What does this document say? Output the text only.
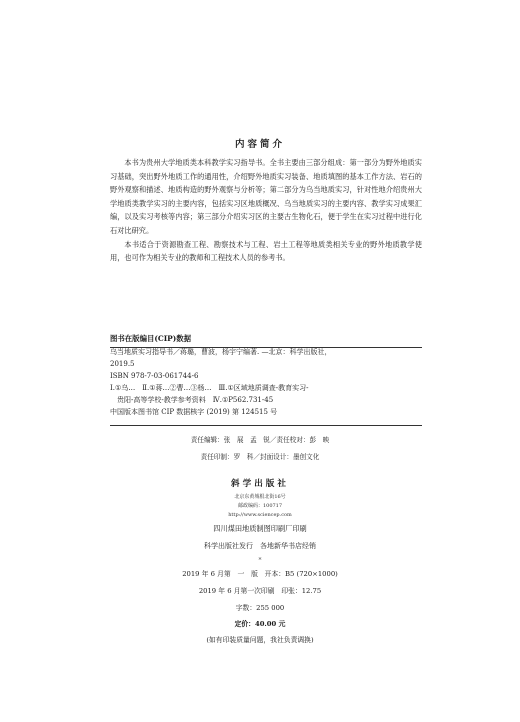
内容简介

本书为贵州大学地质类本科教学实习指导书。全书主要由三部分组成：第一部分为野外地质实习基础，突出野外地质工作的通用性，介绍野外地质实习装备、地质填图的基本工作方法、岩石的野外观察和描述、地质构造的野外观察与分析等；第二部分为乌当地质实习，针对性地介绍贵州大学地质类教学实习的主要内容，包括实习区地质概况、乌当地质实习的主要内容、教学实习成果汇编，以及实习考核等内容；第三部分介绍实习区的主要古生物化石，便于学生在实习过程中进行化石对比研究。

本书适合于资源勘查工程、勘察技术与工程、岩土工程等地质类相关专业的野外地质教学使用，也可作为相关专业的教师和工程技术人员的参考书。

图书在版编目(CIP)数据
乌当地质实习指导书／蒋璐，曹波，杨宇宁编著. —北京：科学出版社，
2019.5
ISBN 978-7-03-061744-6
Ⅰ.①乌…　Ⅱ.①蒋…②曹…③杨…　Ⅲ.①区域地质调查-教育实习-
贵阳-高等学校-教学参考资料　Ⅳ.①P562.731-45
中国版本图书馆 CIP 数据核字 (2019) 第 124515 号
责任编辑：张　展　孟　锐／责任校对：彭　映
责任印制：罗　科／封面设计：墨创文化
斜学出版社
北京东黄城根北街16号
邮政编码：100717
http://www.sciencep.com
四川煤田地质制图印刷厂印刷
科学出版社发行　各地新华书店经销
*
2019 年 6 月第　一　版　开本：B5 (720×1000)
2019 年 6 月第一次印刷　印张：12.75
字数：255 000
定价：40.00 元
(如有印装质量问题，我社负责调换)
